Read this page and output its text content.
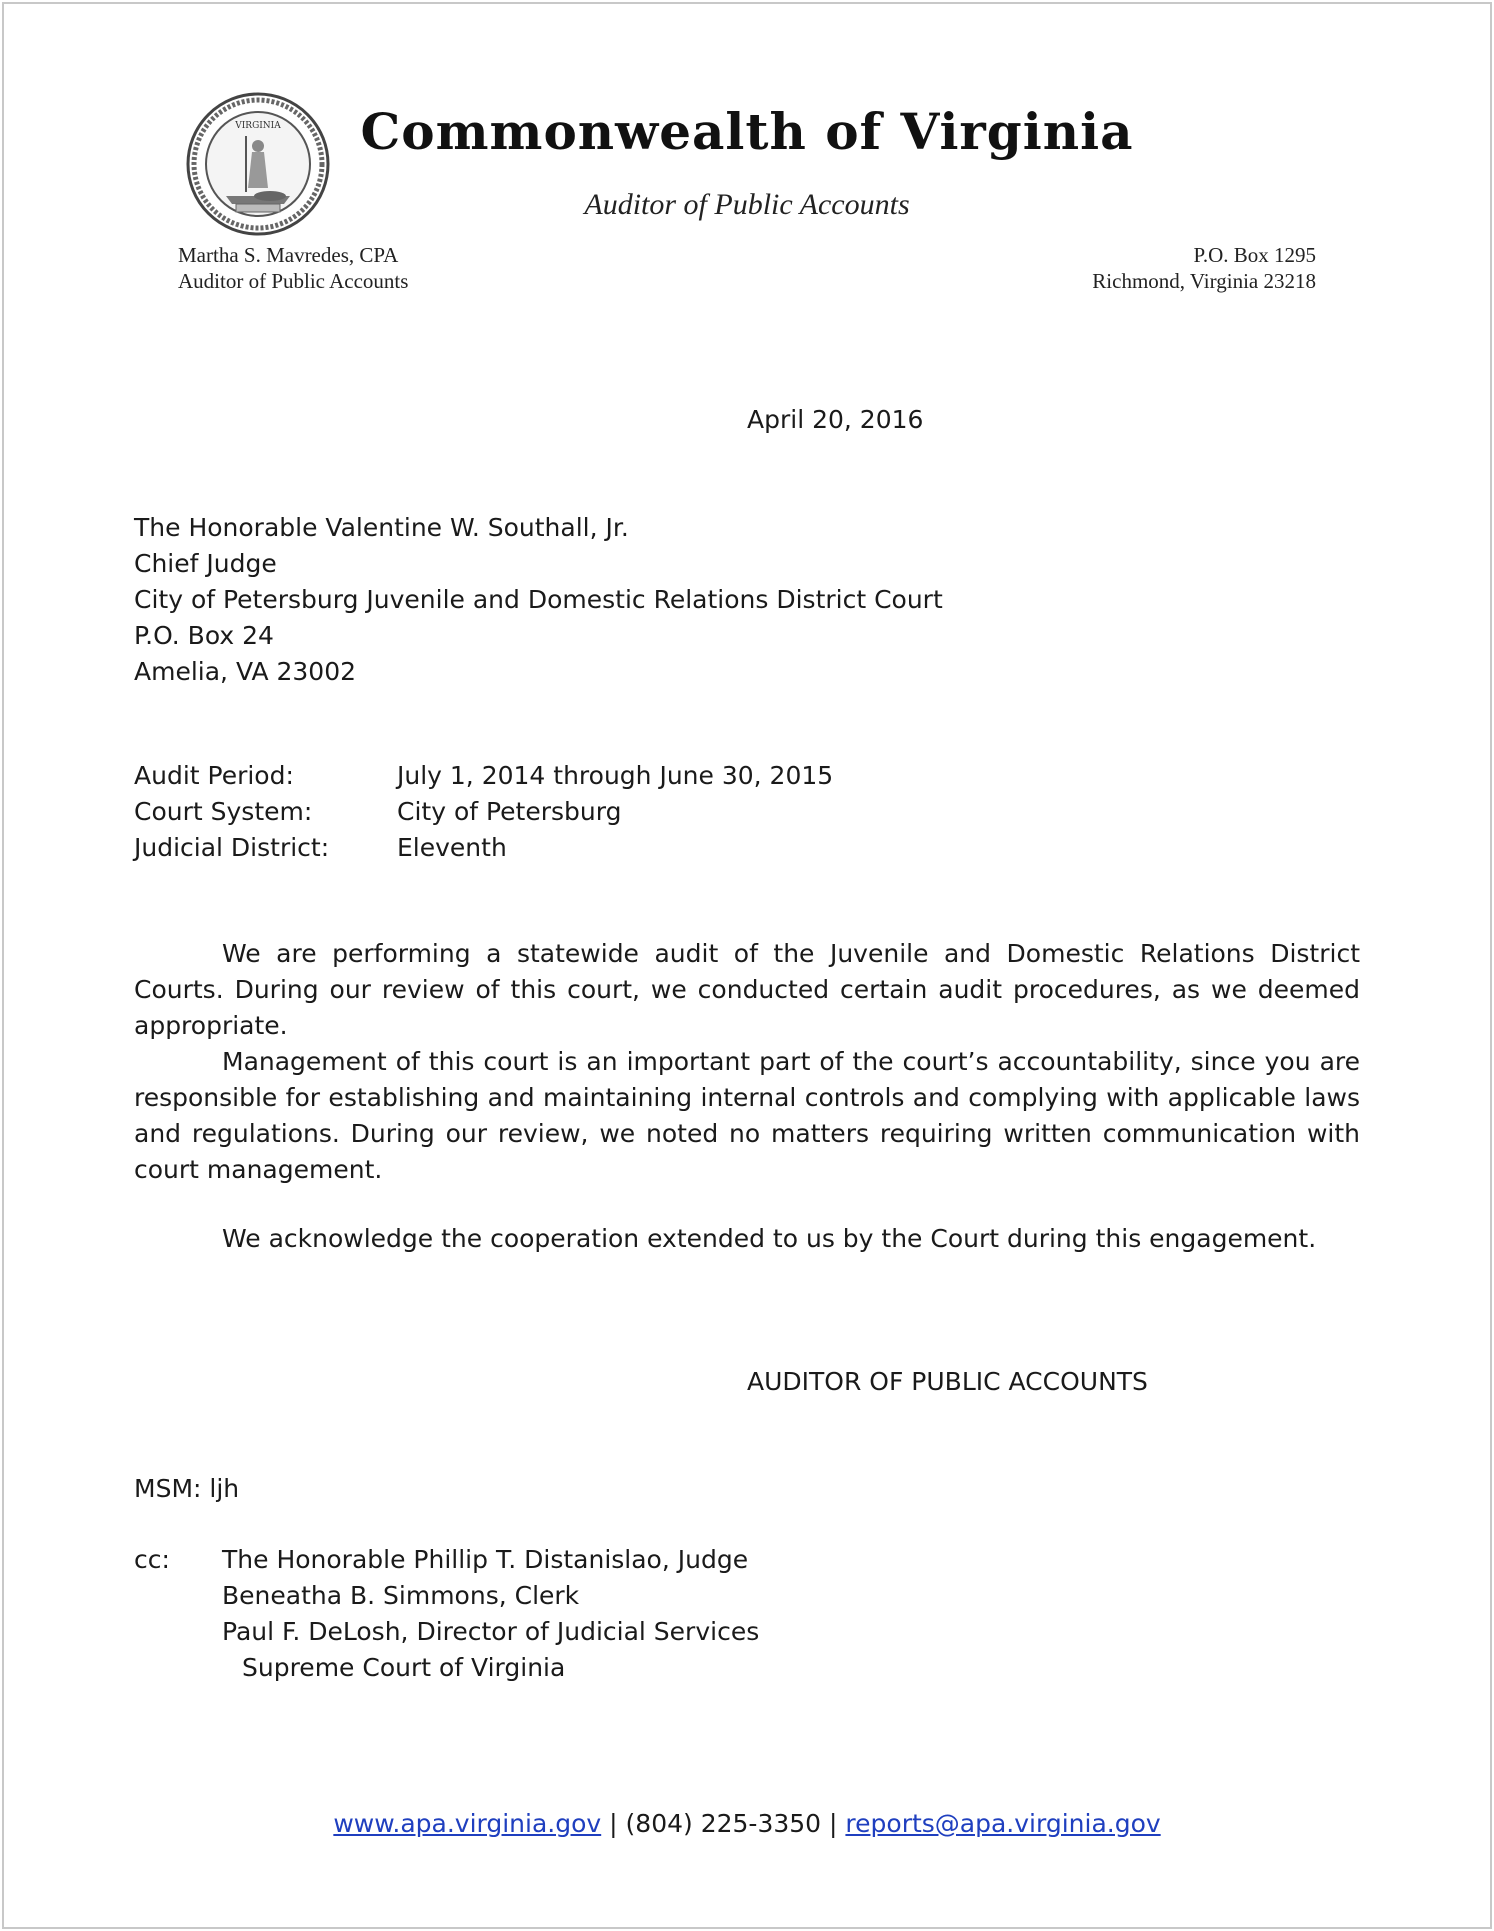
VIRGINIA	Commonwealth of Virginia
Auditor of Public Accounts
Martha S. Mavredes, CPA
Auditor of Public Accounts
P.O. Box 1295
Richmond, Virginia 23218
April 20, 2016
The Honorable Valentine W. Southall, Jr.
Chief Judge
City of Petersburg Juvenile and Domestic Relations District Court
P.O. Box 24
Amelia, VA 23002
Audit Period:	July 1, 2014 through June 30, 2015
Court System:	City of Petersburg
Judicial District:	Eleventh
We are performing a statewide audit of the Juvenile and Domestic Relations District Courts. During our review of this court, we conducted certain audit procedures, as we deemed appropriate.
Management of this court is an important part of the court’s accountability, since you are responsible for establishing and maintaining internal controls and complying with applicable laws and regulations. During our review, we noted no matters requiring written communication with court management.
We acknowledge the cooperation extended to us by the Court during this engagement.
AUDITOR OF PUBLIC ACCOUNTS
MSM: ljh
cc: The Honorable Phillip T. Distanislao, Judge
Beneatha B. Simmons, Clerk
Paul F. DeLosh, Director of Judicial Services
Supreme Court of Virginia
www.apa.virginia.gov | (804) 225-3350 | reports@apa.virginia.gov
